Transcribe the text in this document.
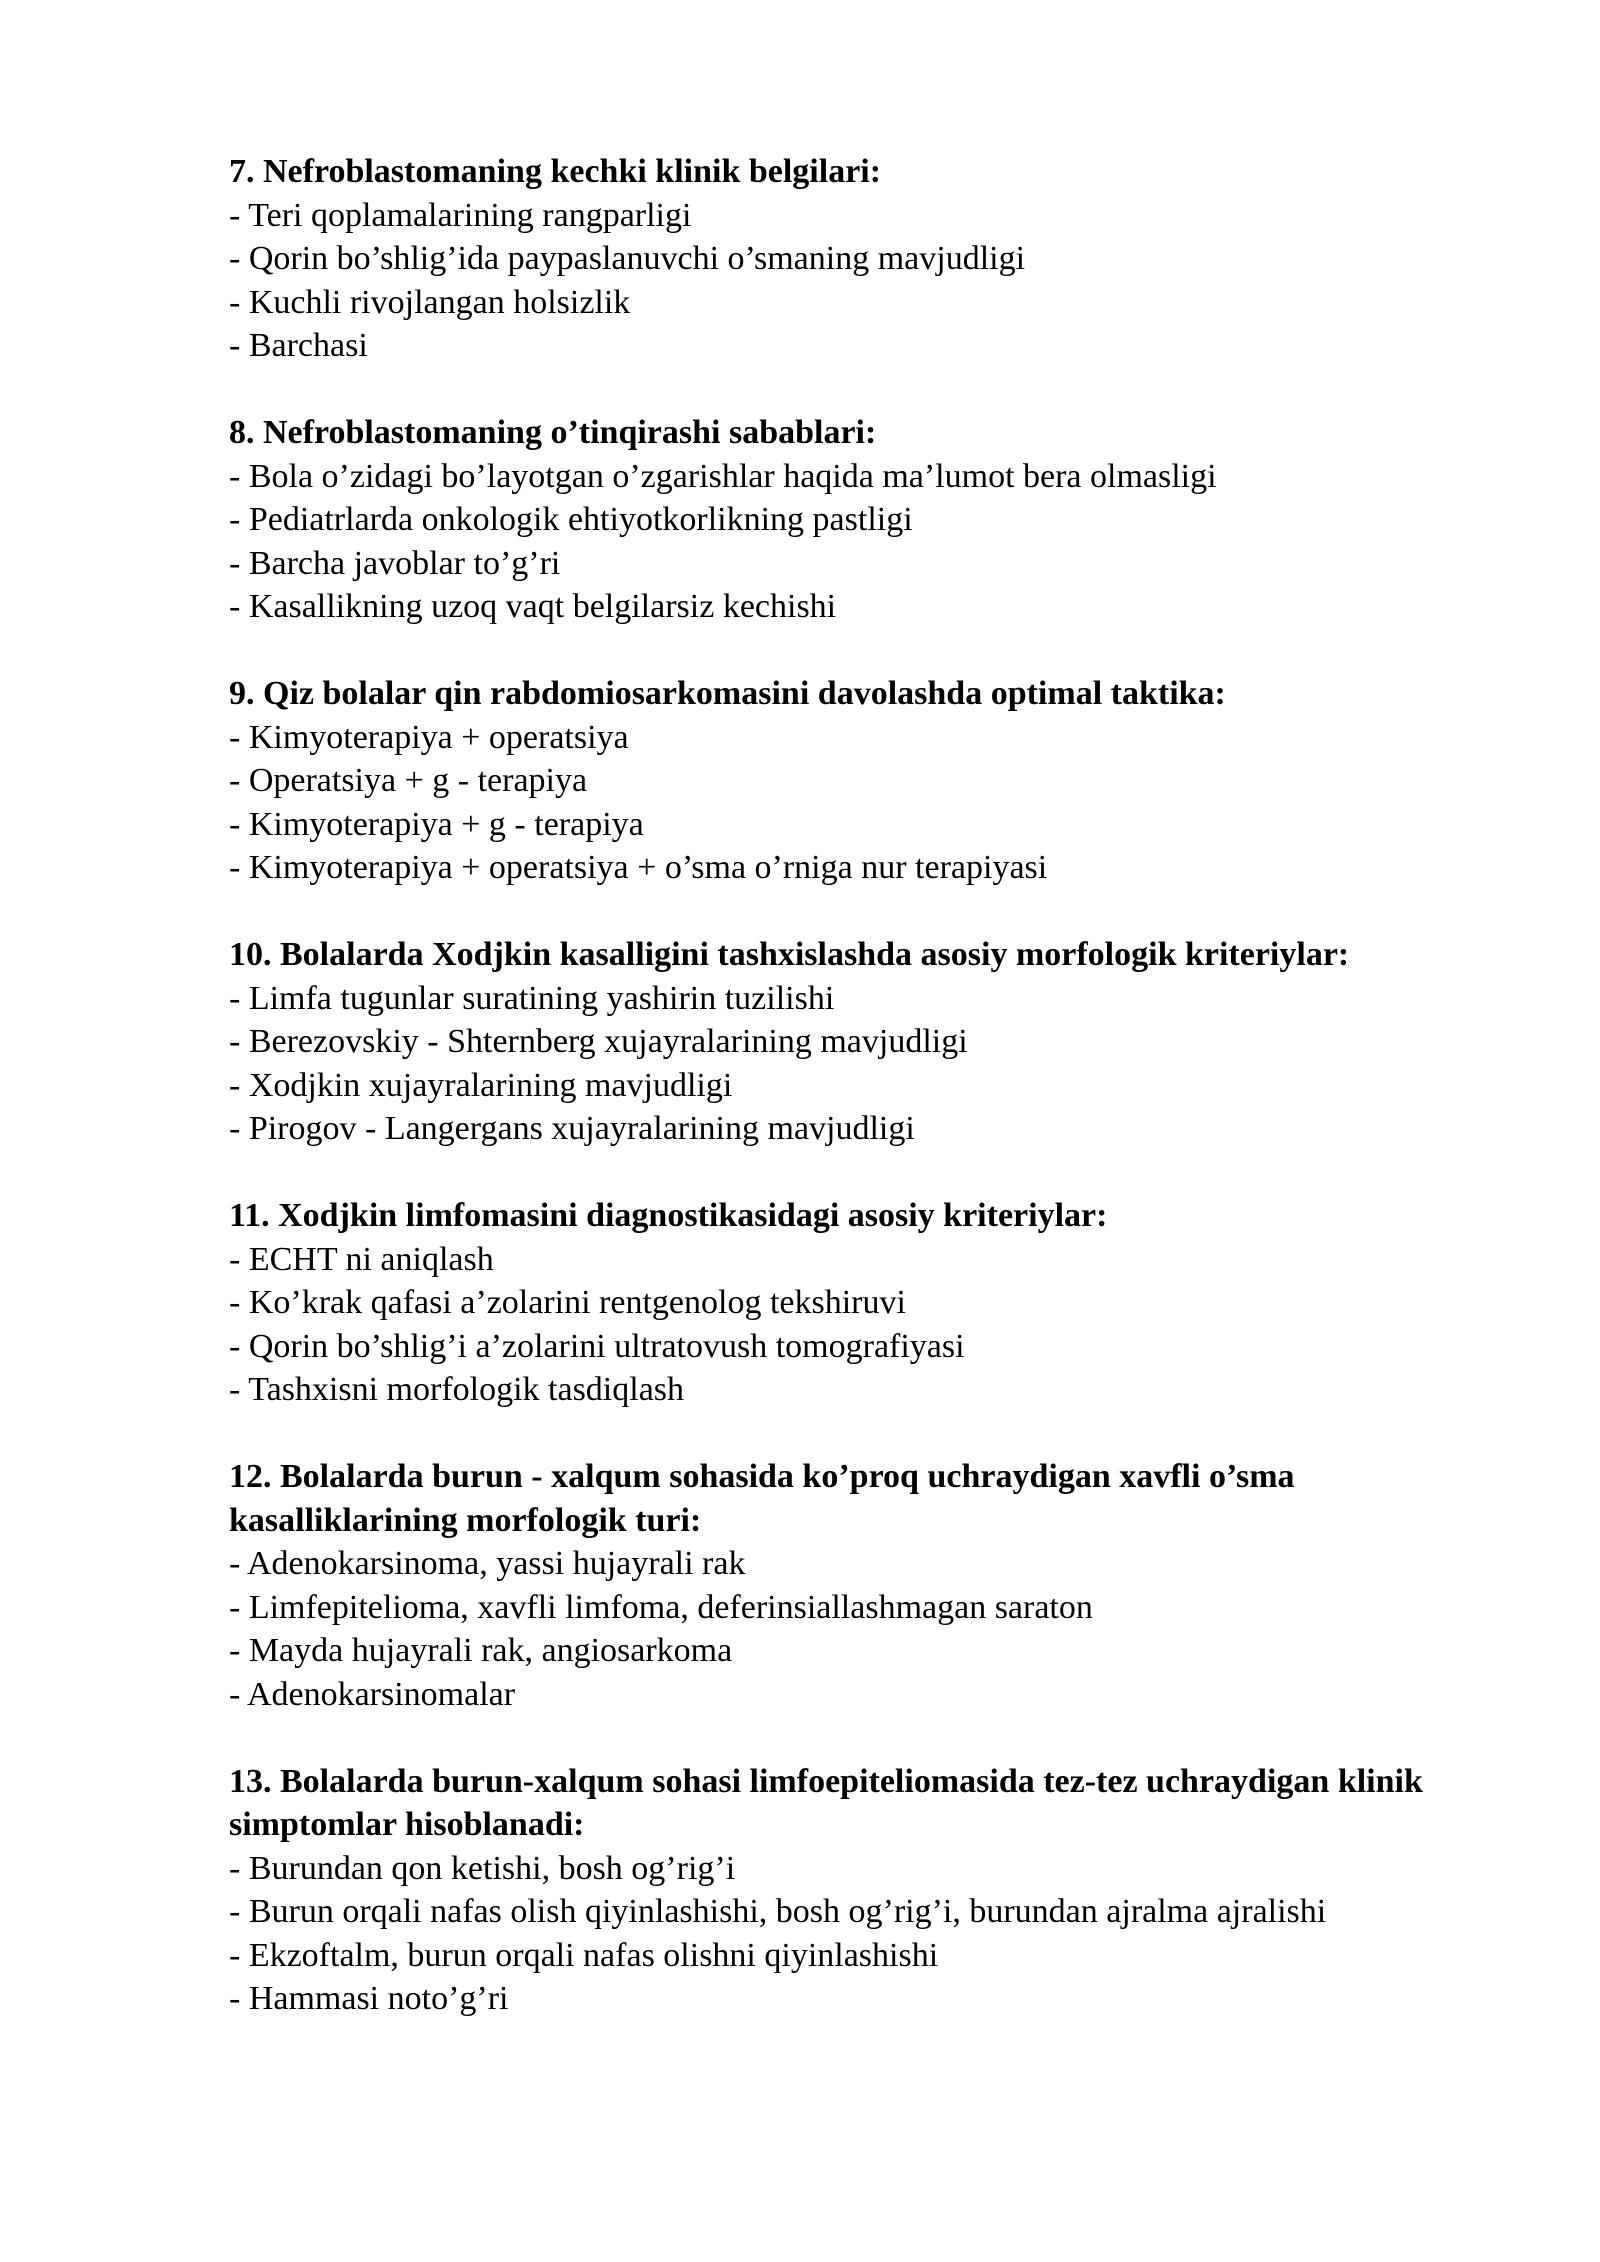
7. Nefroblastomaning kechki klinik belgilari:

- Teri qoplamalarining rangparligi
- Qorin bo’shlig’ida paypaslanuvchi o’smaning mavjudligi
- Kuchli rivojlangan holsizlik
- Barchasi

8. Nefroblastomaning o’tinqirashi sabablari:

- Bola o’zidagi bo’layotgan o’zgarishlar haqida ma’lumot bera olmasligi
- Pediatrlarda onkologik ehtiyotkorlikning pastligi
- Barcha javoblar to’g’ri
- Kasallikning uzoq vaqt belgilarsiz kechishi

9. Qiz bolalar qin rabdomiosarkomasini davolashda optimal taktika:

- Kimyoterapiya + operatsiya
- Operatsiya + g - terapiya
- Kimyoterapiya + g - terapiya
- Kimyoterapiya + operatsiya + o’sma o’rniga nur terapiyasi

10. Bolalarda Xodjkin kasalligini tashxislashda asosiy morfologik kriteriylar:

- Limfa tugunlar suratining yashirin tuzilishi
- Berezovskiy - Shternberg xujayralarining mavjudligi
- Xodjkin xujayralarining mavjudligi
- Pirogov - Langergans xujayralarining mavjudligi

11. Xodjkin limfomasini diagnostikasidagi asosiy kriteriylar:

- ECHT ni aniqlash
- Ko’krak qafasi a’zolarini rentgenolog tekshiruvi
- Qorin bo’shlig’i a’zolarini ultratovush tomografiyasi
- Tashxisni morfologik tasdiqlash

12. Bolalarda burun - xalqum sohasida ko’proq uchraydigan xavfli o’sma kasalliklarining morfologik turi:

- Adenokarsinoma, yassi hujayrali rak
- Limfepitelioma, xavfli limfoma, deferinsiallashmagan saraton
- Mayda hujayrali rak, angiosarkoma
- Adenokarsinomalar

13. Bolalarda burun-xalqum sohasi limfoepiteliomasida tez-tez uchraydigan klinik simptomlar hisoblanadi:

- Burundan qon ketishi, bosh og’rig’i
- Burun orqali nafas olish qiyinlashishi, bosh og’rig’i, burundan ajralma ajralishi
- Ekzoftalm, burun orqali nafas olishni qiyinlashishi
- Hammasi noto’g’ri
